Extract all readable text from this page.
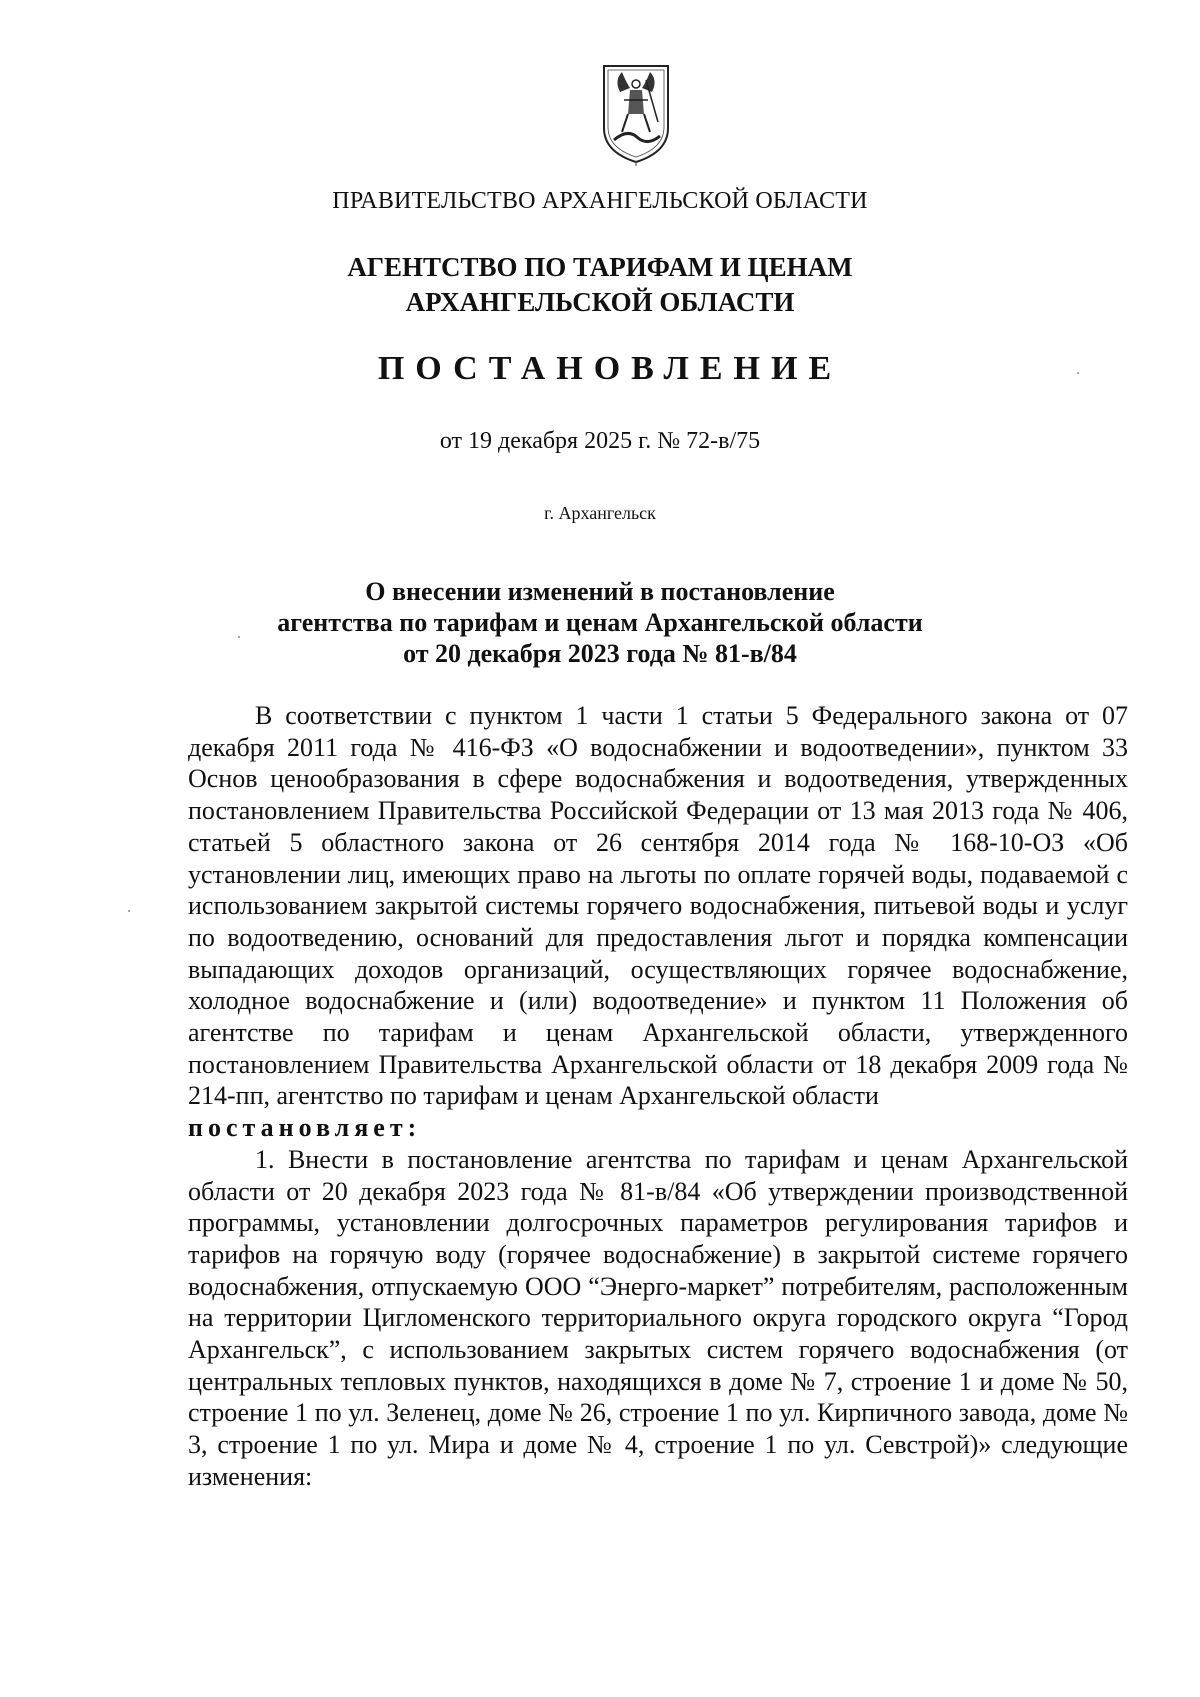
ПРАВИТЕЛЬСТВО АРХАНГЕЛЬСКОЙ ОБЛАСТИ
АГЕНТСТВО ПО ТАРИФАМ И ЦЕНАМ
АРХАНГЕЛЬСКОЙ ОБЛАСТИ
ПОСТАНОВЛЕНИЕ
от 19 декабря 2025 г. № 72-в/75
г. Архангельск
О внесении изменений в постановление
агентства по тарифам и ценам Архангельской области
от 20 декабря 2023 года № 81-в/84

В соответствии с пунктом 1 части 1 статьи 5 Федерального закона от 07 декабря 2011 года № 416-ФЗ «О водоснабжении и водоотведении», пунктом 33 Основ ценообразования в сфере водоснабжения и водоотведения, утвержденных постановлением Правительства Российской Федерации от 13 мая 2013 года № 406, статьей 5 областного закона от 26 сентября 2014 года № 168-10-ОЗ «Об установлении лиц, имеющих право на льготы по оплате горячей воды, подаваемой с использованием закрытой системы горячего водоснабжения, питьевой воды и услуг по водоотведению, оснований для предоставления льгот и порядка компенсации выпадающих доходов организаций, осуществляющих горячее водоснабжение, холодное водоснабжение и (или) водоотведение» и пунктом 11 Положения об агентстве по тарифам и ценам Архангельской области, утвержденного постановлением Правительства Архангельской области от 18 декабря 2009 года № 214-пп, агентство по тарифам и ценам Архангельской области

постановляет:

1. Внести в постановление агентства по тарифам и ценам Архангельской области от 20 декабря 2023 года № 81-в/84 «Об утверждении производственной программы, установлении долгосрочных параметров регулирования тарифов и тарифов на горячую воду (горячее водоснабжение) в закрытой системе горячего водоснабжения, отпускаемую ООО “Энерго-маркет” потребителям, расположенным на территории Цигломенского территориального округа городского округа “Город Архангельск”, с использованием закрытых систем горячего водоснабжения (от центральных тепловых пунктов, находящихся в доме № 7, строение 1 и доме № 50, строение 1 по ул. Зеленец, доме № 26, строение 1 по ул. Кирпичного завода, доме № 3, строение 1 по ул. Мира и доме № 4, строение 1 по ул. Севстрой)» следующие изменения:
